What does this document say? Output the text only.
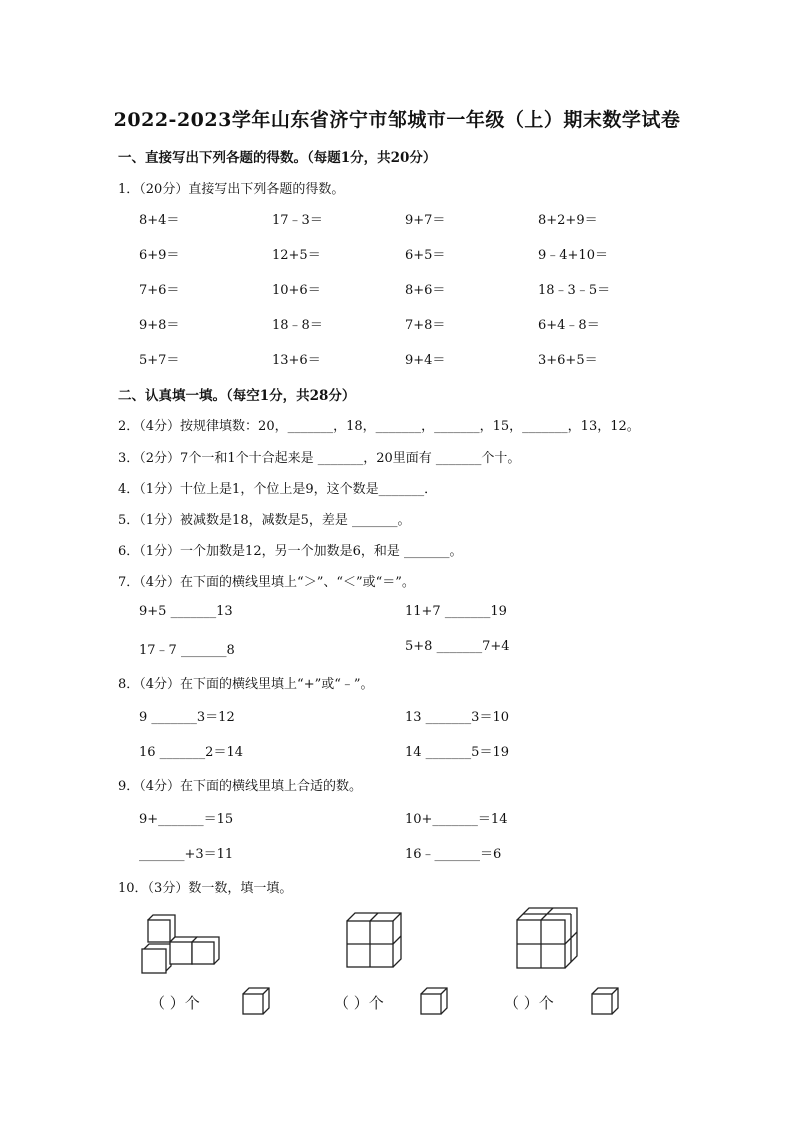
2022-2023学年山东省济宁市邹城市一年级（上）期末数学试卷
一、直接写出下列各题的得数。（每题1分，共20分）
1．（20分）直接写出下列各题的得数。
8+4＝	17﹣3＝	9+7＝	8+2+9＝
6+9＝	12+5＝	6+5＝	9﹣4+10＝
7+6＝	10+6＝	8+6＝	18﹣3﹣5＝
9+8＝	18﹣8＝	7+8＝	6+4﹣8＝
5+7＝	13+6＝	9+4＝	3+6+5＝
二、认真填一填。（每空1分，共28分）
2．（4分）按规律填数：20，_______，18，_______，_______，15，_______，13，12。
3．（2分）7个一和1个十合起来是 _______，20里面有 _______个十。
4．（1分）十位上是1，个位上是9，这个数是_______．
5．（1分）被减数是18，减数是5，差是 _______。
6．（1分）一个加数是12，另一个加数是6，和是 _______。
7．（4分）在下面的横线里填上“＞”、“＜”或“＝”。
9+5 _______13	11+7 _______19
17﹣7 _______8	5+8 _______7+4
8．（4分）在下面的横线里填上“+”或“﹣”。
9 _______3＝12	13 _______3＝10
16 _______2＝14	14 _______5＝19
9．（4分）在下面的横线里填上合适的数。
9+_______＝15	10+_______＝14
_______+3＝11	16﹣_______＝6
10．（3分）数一数，填一填。
（ ）个	（ ）个	（ ）个
